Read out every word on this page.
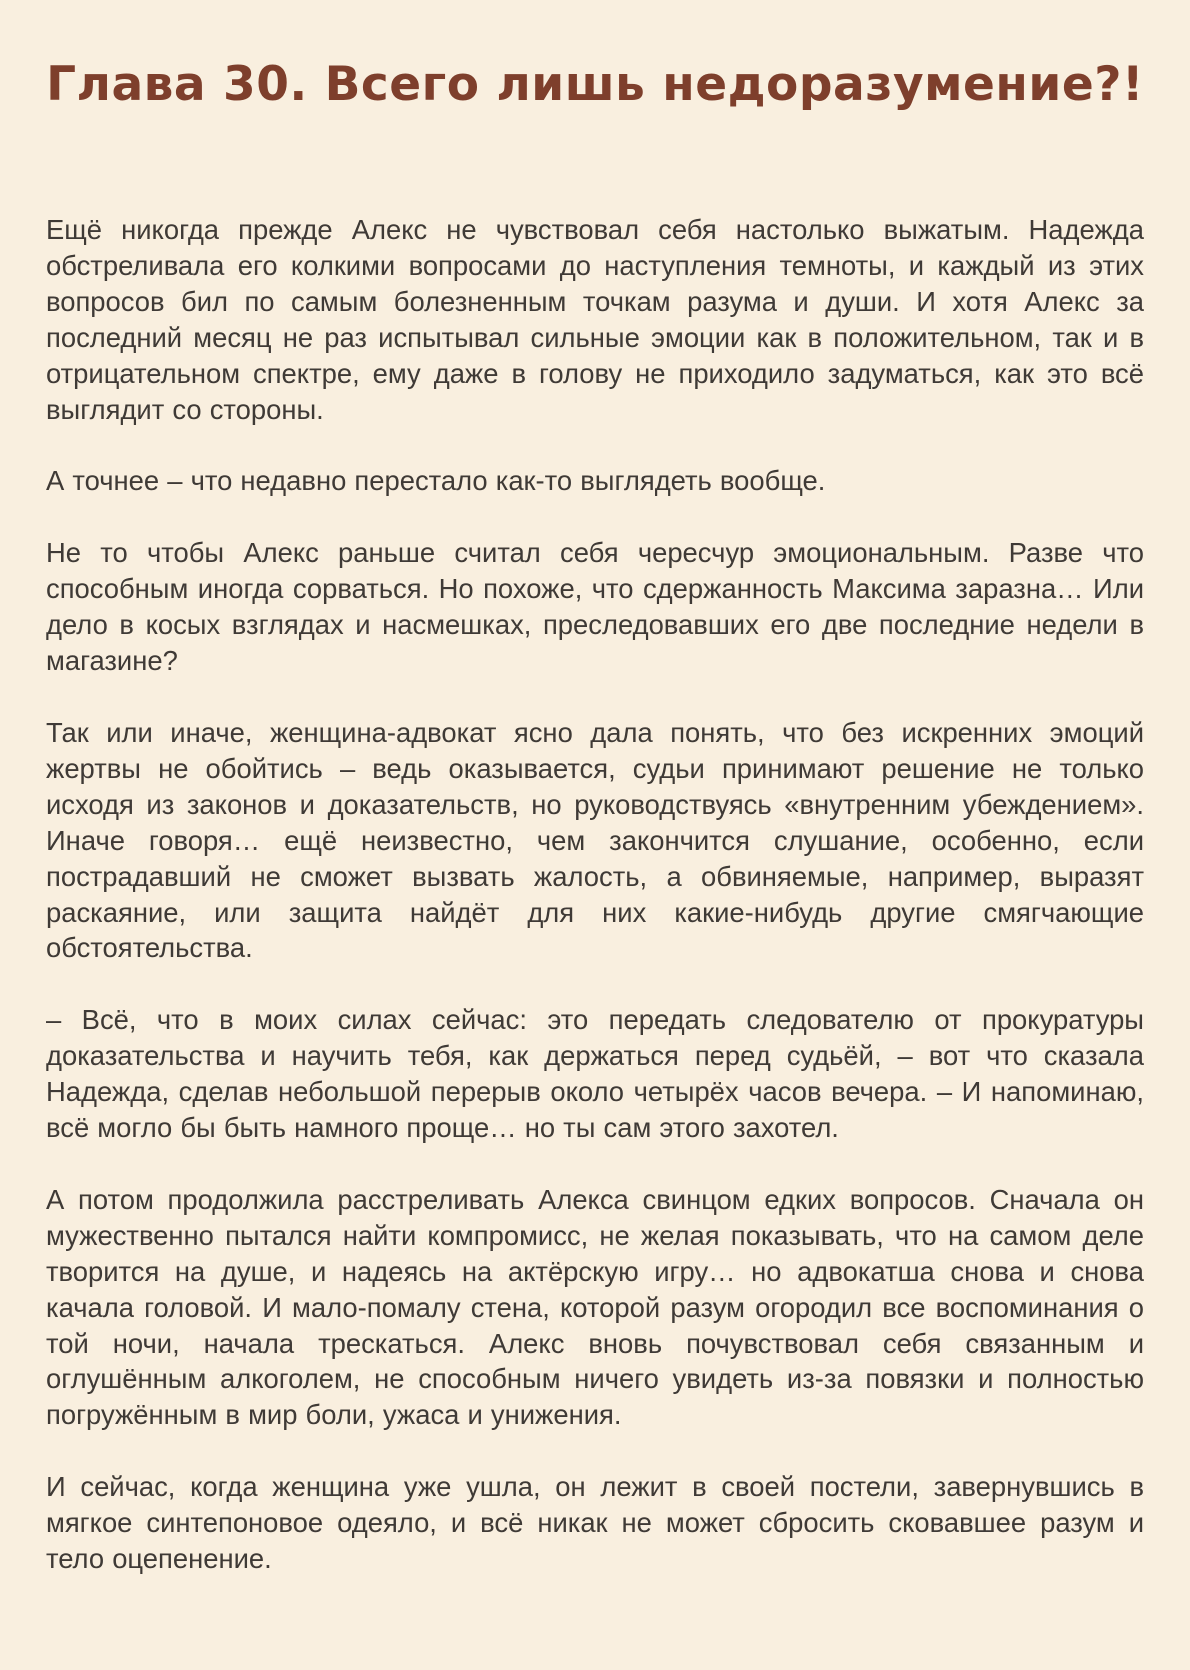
Глава 30. Всего лишь недоразумение?!

Ещё никогда прежде Алекс не чувствовал себя настолько выжатым. Надежда обстреливала его колкими вопросами до наступления темноты, и каждый из этих вопросов бил по самым болезненным точкам разума и души. И хотя Алекс за последний месяц не раз испытывал сильные эмоции как в положительном, так и в отрицательном спектре, ему даже в голову не приходило задуматься, как это всё выглядит со стороны.

А точнее – что недавно перестало как-то выглядеть вообще.

Не то чтобы Алекс раньше считал себя чересчур эмоциональным. Разве что способным иногда сорваться. Но похоже, что сдержанность Максима заразна… Или дело в косых взглядах и насмешках, преследовавших его две последние недели в магазине?

Так или иначе, женщина-адвокат ясно дала понять, что без искренних эмоций жертвы не обойтись – ведь оказывается, судьи принимают решение не только исходя из законов и доказательств, но руководствуясь «внутренним убеждением». Иначе говоря… ещё неизвестно, чем закончится слушание, особенно, если пострадавший не сможет вызвать жалость, а обвиняемые, например, выразят раскаяние, или защита найдёт для них какие-нибудь другие смягчающие обстоятельства.

– Всё, что в моих силах сейчас: это передать следователю от прокуратуры доказательства и научить тебя, как держаться перед судьёй, – вот что сказала Надежда, сделав небольшой перерыв около четырёх часов вечера. – И напоминаю, всё могло бы быть намного проще… но ты сам этого захотел.

А потом продолжила расстреливать Алекса свинцом едких вопросов. Сначала он мужественно пытался найти компромисс, не желая показывать, что на самом деле творится на душе, и надеясь на актёрскую игру… но адвокатша снова и снова качала головой. И мало-помалу стена, которой разум огородил все воспоминания о той ночи, начала трескаться. Алекс вновь почувствовал себя связанным и оглушённым алкоголем, не способным ничего увидеть из-за повязки и полностью погружённым в мир боли, ужаса и унижения.

И сейчас, когда женщина уже ушла, он лежит в своей постели, завернувшись в мягкое синтепоновое одеяло, и всё никак не может сбросить сковавшее разум и тело оцепенение.
